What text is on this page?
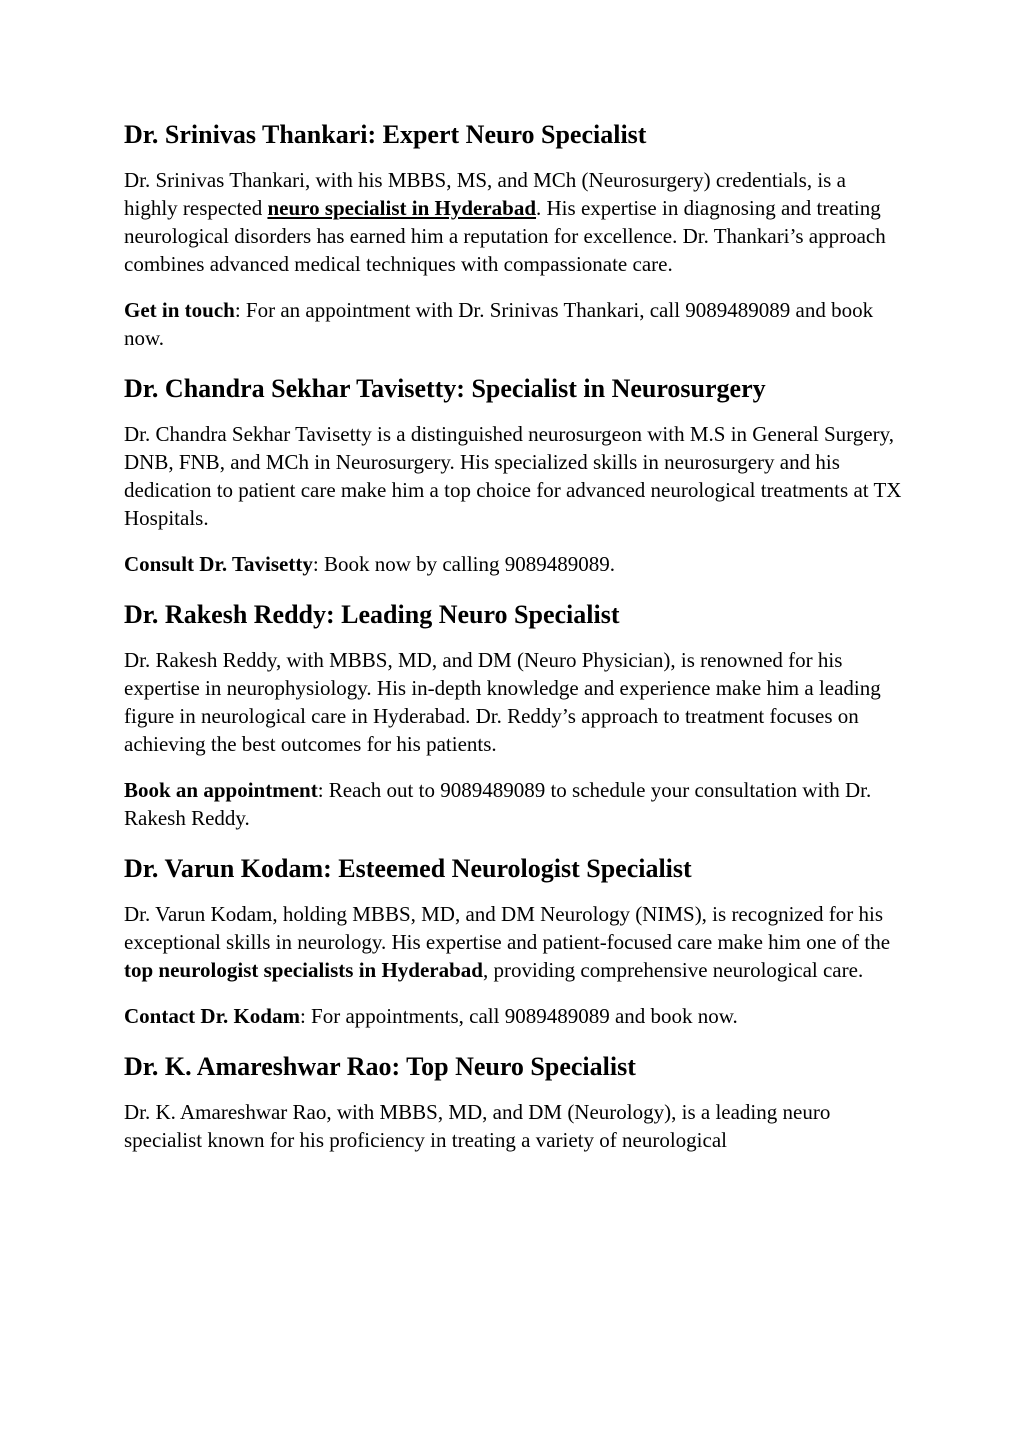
Dr. Srinivas Thankari: Expert Neuro Specialist

Dr. Srinivas Thankari, with his MBBS, MS, and MCh (Neurosurgery) credentials, is a highly respected neuro specialist in Hyderabad. His expertise in diagnosing and treating neurological disorders has earned him a reputation for excellence. Dr. Thankari’s approach combines advanced medical techniques with compassionate care.

Get in touch: For an appointment with Dr. Srinivas Thankari, call 9089489089 and book now.

Dr. Chandra Sekhar Tavisetty: Specialist in Neurosurgery

Dr. Chandra Sekhar Tavisetty is a distinguished neurosurgeon with M.S in General Surgery, DNB, FNB, and MCh in Neurosurgery. His specialized skills in neurosurgery and his dedication to patient care make him a top choice for advanced neurological treatments at TX Hospitals.

Consult Dr. Tavisetty: Book now by calling 9089489089.

Dr. Rakesh Reddy: Leading Neuro Specialist

Dr. Rakesh Reddy, with MBBS, MD, and DM (Neuro Physician), is renowned for his expertise in neurophysiology. His in-depth knowledge and experience make him a leading figure in neurological care in Hyderabad. Dr. Reddy’s approach to treatment focuses on achieving the best outcomes for his patients.

Book an appointment: Reach out to 9089489089 to schedule your consultation with Dr. Rakesh Reddy.

Dr. Varun Kodam: Esteemed Neurologist Specialist

Dr. Varun Kodam, holding MBBS, MD, and DM Neurology (NIMS), is recognized for his exceptional skills in neurology. His expertise and patient-focused care make him one of the top neurologist specialists in Hyderabad, providing comprehensive neurological care.

Contact Dr. Kodam: For appointments, call 9089489089 and book now.

Dr. K. Amareshwar Rao: Top Neuro Specialist

Dr. K. Amareshwar Rao, with MBBS, MD, and DM (Neurology), is a leading neuro specialist known for his proficiency in treating a variety of neurological
